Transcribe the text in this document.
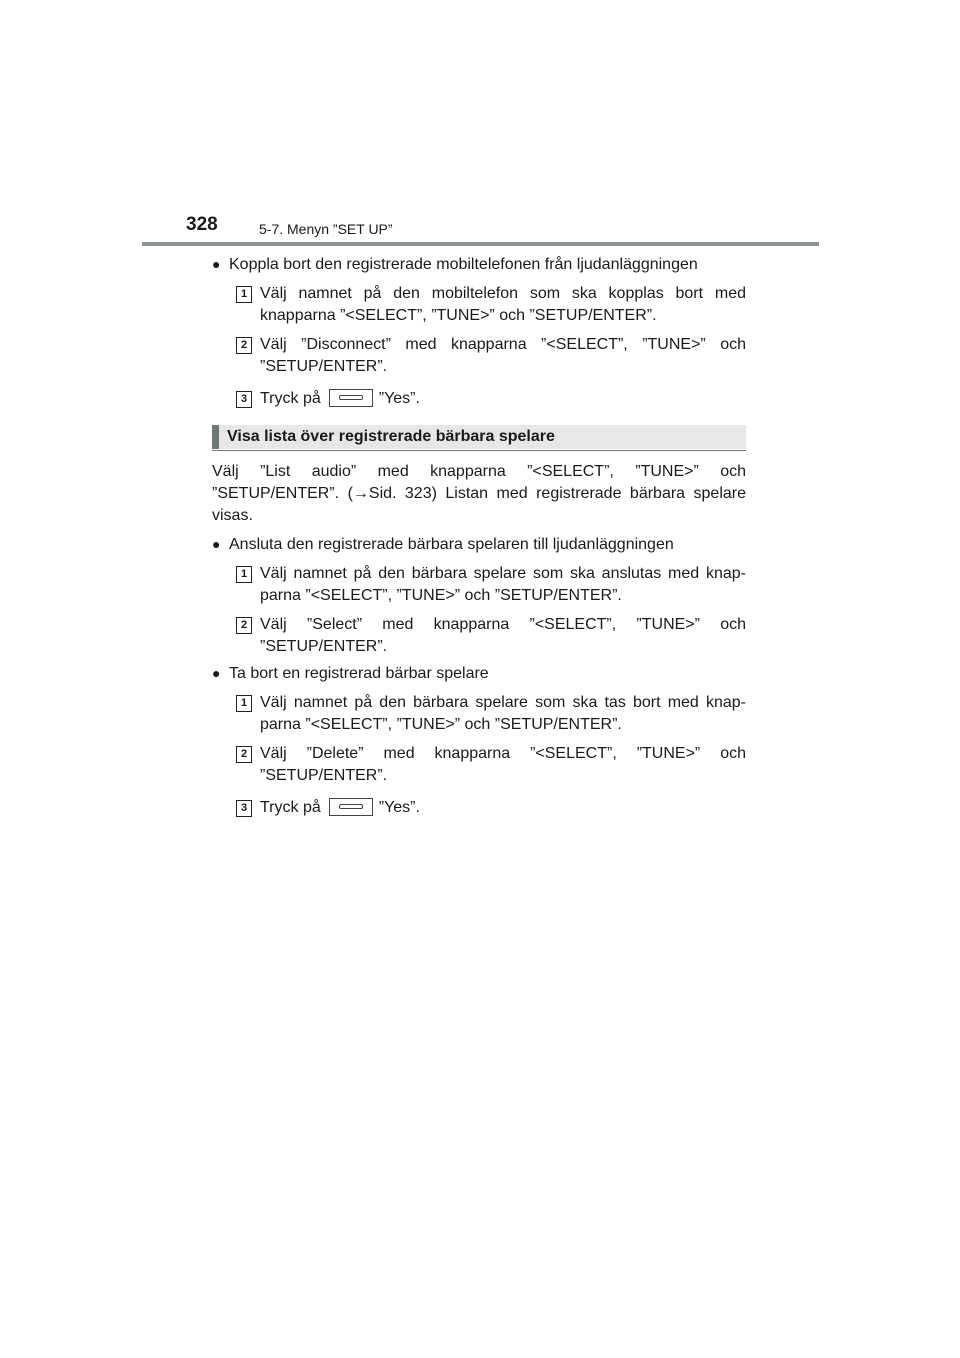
328	5-7. Menyn ”SET UP”
● Koppla bort den registrerade mobiltelefonen från ljudanläggningen
1 Välj namnet på den mobiltelefon som ska kopplas bort med knapparna ”<SELECT”, ”TUNE>” och ”SETUP/ENTER”.
2 Välj ”Disconnect” med knapparna ”<SELECT”, ”TUNE>” och ”SETUP/ENTER”.
3 Tryck på	”Yes”.
Visa lista över registrerade bärbara spelare
Välj ”List audio” med knapparna ”<SELECT”, ”TUNE>” och ”SETUP/ENTER”. (→Sid. 323) Listan med registrerade bärbara spelare visas.
● Ansluta den registrerade bärbara spelaren till ljudanläggningen
1 Välj namnet på den bärbara spelare som ska anslutas med knap-parna ”<SELECT”, ”TUNE>” och ”SETUP/ENTER”.
2 Välj ”Select” med knapparna ”<SELECT”, ”TUNE>” och ”SETUP/ENTER”.
● Ta bort en registrerad bärbar spelare
1 Välj namnet på den bärbara spelare som ska tas bort med knap-parna ”<SELECT”, ”TUNE>” och ”SETUP/ENTER”.
2 Välj ”Delete” med knapparna ”<SELECT”, ”TUNE>” och ”SETUP/ENTER”.
3 Tryck på	”Yes”.
